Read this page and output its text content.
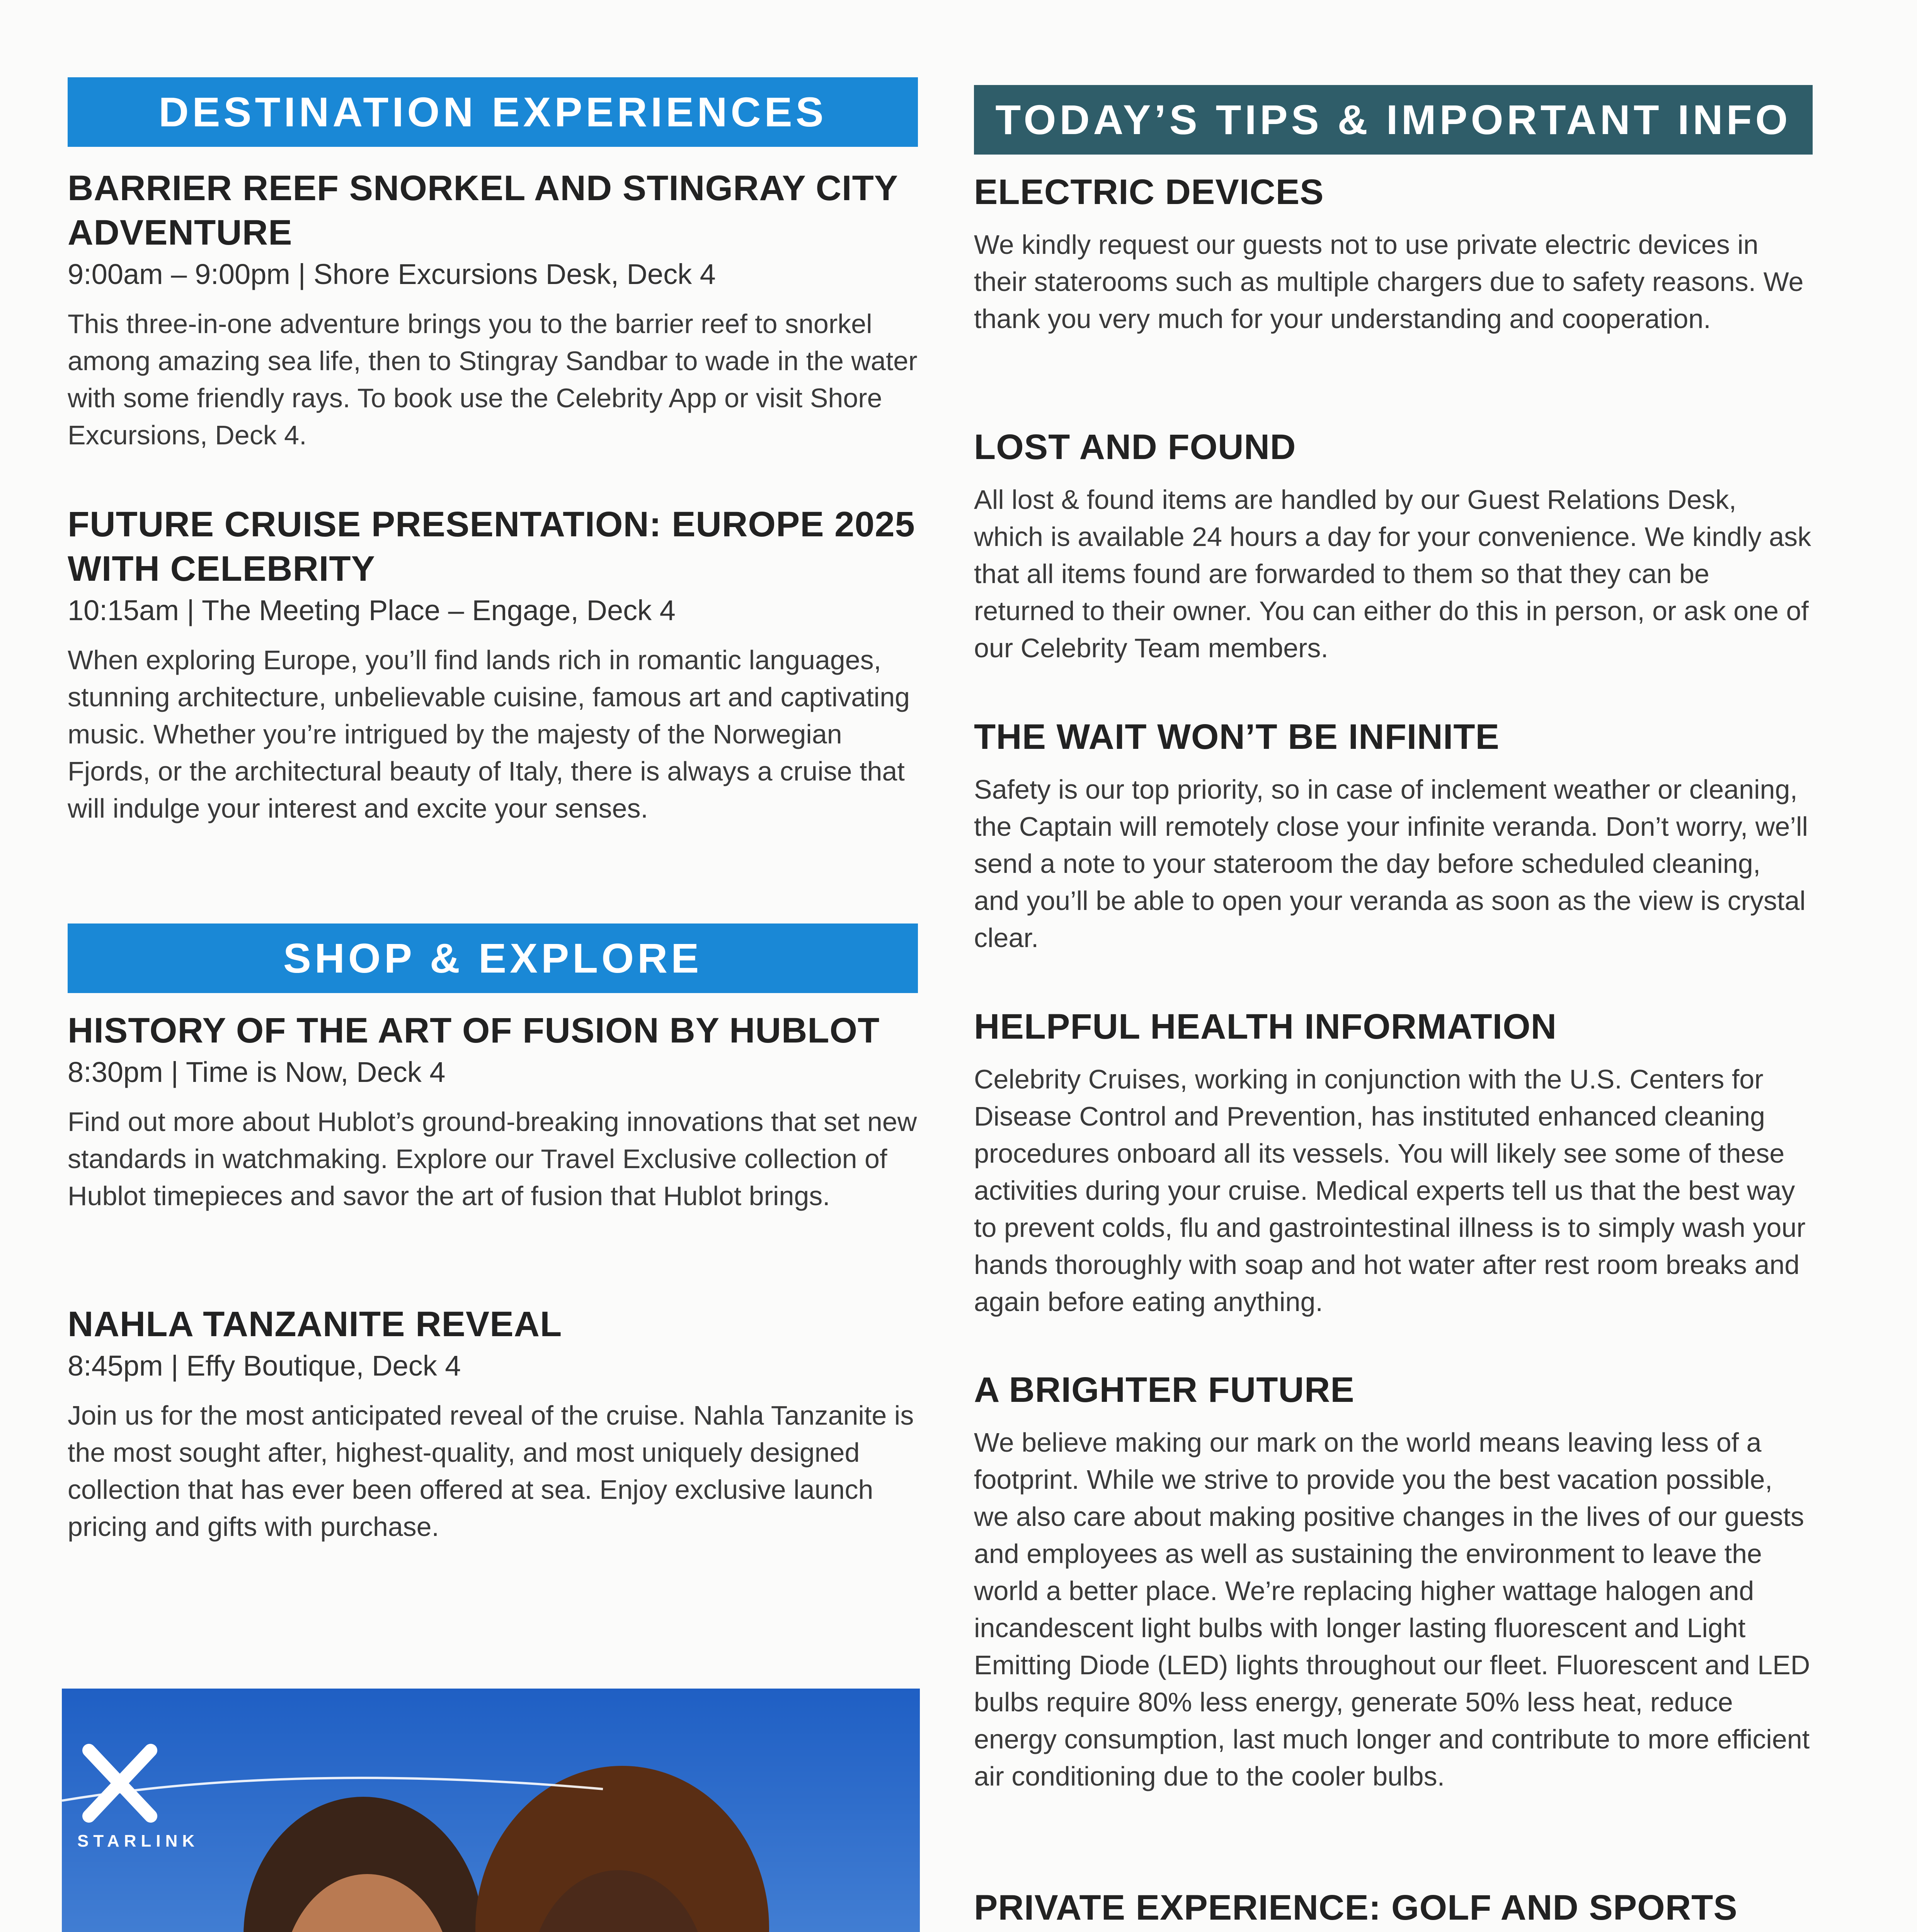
DESTINATION EXPERIENCES

BARRIER REEF SNORKEL AND STINGRAY CITY ADVENTURE

9:00am – 9:00pm | Shore Excursions Desk, Deck 4

This three-in-one adventure brings you to the barrier reef to snorkel among amazing sea life, then to Stingray Sandbar to wade in the water with some friendly rays. To book use the Celebrity App or visit Shore Excursions, Deck 4.

FUTURE CRUISE PRESENTATION: EUROPE 2025 WITH CELEBRITY

10:15am | The Meeting Place – Engage, Deck 4

When exploring Europe, you’ll find lands rich in romantic languages, stunning architecture, unbelievable cuisine, famous art and captivating music. Whether you’re intrigued by the majesty of the Norwegian Fjords, or the architectural beauty of Italy, there is always a cruise that will indulge your interest and excite your senses.

SHOP & EXPLORE

HISTORY OF THE ART OF FUSION BY HUBLOT

8:30pm | Time is Now, Deck 4

Find out more about Hublot’s ground-breaking innovations that set new standards in watchmaking. Explore our Travel Exclusive collection of Hublot timepieces and savor the art of fusion that Hublot brings.

NAHLA TANZANITE REVEAL

8:45pm | Effy Boutique, Deck 4

Join us for the most anticipated reveal of the cruise. Nahla Tanzanite is the most sought after, highest-quality, and most uniquely designed collection that has ever been offered at sea. Enjoy exclusive launch pricing and gifts with purchase.

STARLINK

TODAY’S TIPS & IMPORTANT INFO

ELECTRIC DEVICES

We kindly request our guests not to use private electric devices in their staterooms such as multiple chargers due to safety reasons. We thank you very much for your understanding and cooperation.

LOST AND FOUND

All lost & found items are handled by our Guest Relations Desk, which is available 24 hours a day for your convenience. We kindly ask that all items found are forwarded to them so that they can be returned to their owner. You can either do this in person, or ask one of our Celebrity Team members.

THE WAIT WON’T BE INFINITE

Safety is our top priority, so in case of inclement weather or cleaning, the Captain will remotely close your infinite veranda. Don’t worry, we’ll send a note to your stateroom the day before scheduled cleaning, and you’ll be able to open your veranda as soon as the view is crystal clear.

HELPFUL HEALTH INFORMATION

Celebrity Cruises, working in conjunction with the U.S. Centers for Disease Control and Prevention, has instituted enhanced cleaning procedures onboard all its vessels. You will likely see some of these activities during your cruise. Medical experts tell us that the best way to prevent colds, flu and gastrointestinal illness is to simply wash your hands thoroughly with soap and hot water after rest room breaks and again before eating anything.

A BRIGHTER FUTURE

We believe making our mark on the world means leaving less of a footprint. While we strive to provide you the best vacation possible, we also care about making positive changes in the lives of our guests and employees as well as sustaining the environment to leave the world a better place. We’re replacing higher wattage halogen and incandescent light bulbs with longer lasting fluorescent and Light Emitting Diode (LED) lights throughout our fleet. Fluorescent and LED bulbs require 80% less energy, generate 50% less heat, reduce energy consumption, last much longer and contribute to more efficient air conditioning due to the cooler bulbs.

PRIVATE EXPERIENCE: GOLF AND SPORTS
